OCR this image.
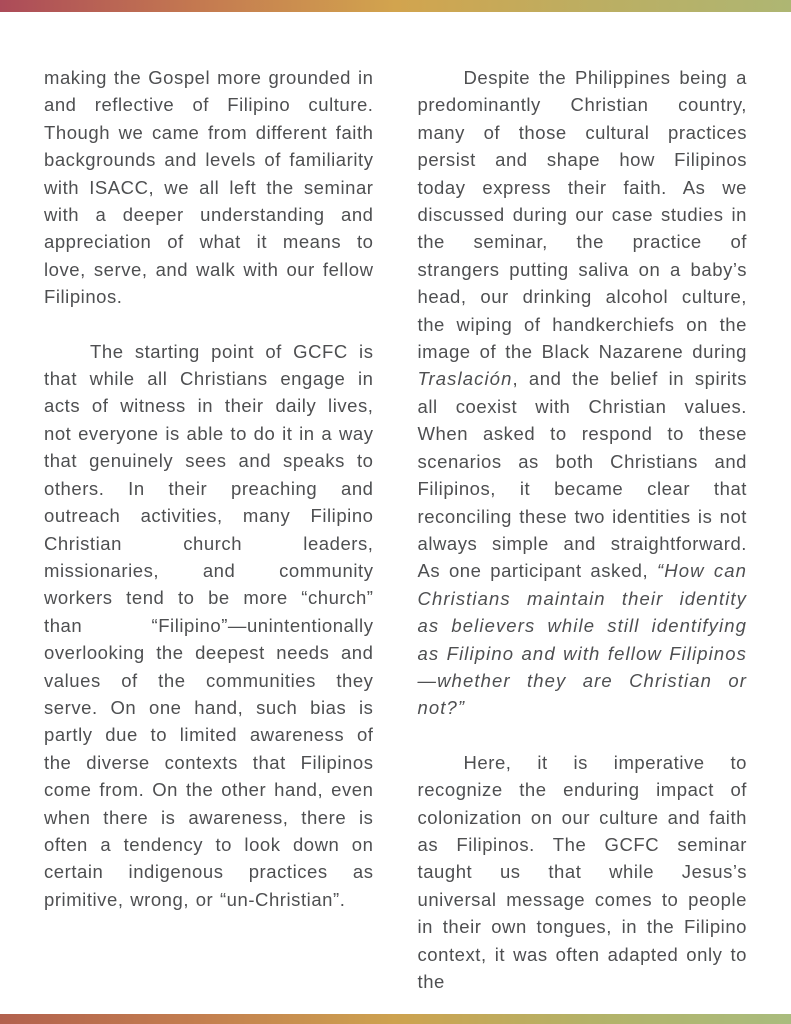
making the Gospel more grounded in and reflective of Filipino culture. Though we came from different faith backgrounds and levels of familiarity with ISACC, we all left the seminar with a deeper understanding and appreciation of what it means to love, serve, and walk with our fellow Filipinos.

The starting point of GCFC is that while all Christians engage in acts of witness in their daily lives, not everyone is able to do it in a way that genuinely sees and speaks to others. In their preaching and outreach activities, many Filipino Christian church leaders, missionaries, and community workers tend to be more “church” than “Filipino”—unintentionally overlooking the deepest needs and values of the communities they serve. On one hand, such bias is partly due to limited awareness of the diverse contexts that Filipinos come from. On the other hand, even when there is awareness, there is often a tendency to look down on certain indigenous practices as primitive, wrong, or “un-Christian”.

Despite the Philippines being a predominantly Christian country, many of those cultural practices persist and shape how Filipinos today express their faith. As we discussed during our case studies in the seminar, the practice of strangers putting saliva on a baby’s head, our drinking alcohol culture, the wiping of handkerchiefs on the image of the Black Nazarene during Traslación, and the belief in spirits all coexist with Christian values. When asked to respond to these scenarios as both Christians and Filipinos, it became clear that reconciling these two identities is not always simple and straightforward. As one participant asked, “How can Christians maintain their identity as believers while still identifying as Filipino and with fellow Filipinos—whether they are Christian or not?”

Here, it is imperative to recognize the enduring impact of colonization on our culture and faith as Filipinos. The GCFC seminar taught us that while Jesus’s universal message comes to people in their own tongues, in the Filipino context, it was often adapted only to the
